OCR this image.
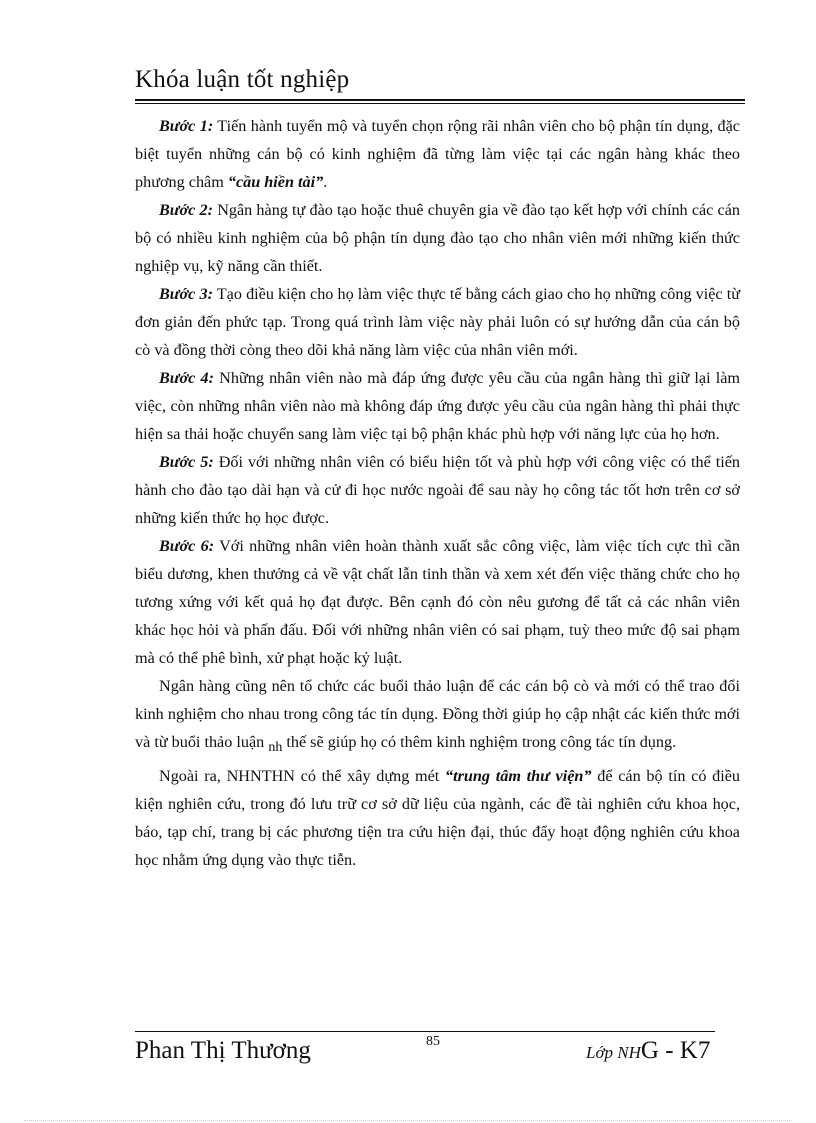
Khóa luận tốt nghiệp

Bước 1: Tiến hành tuyển mộ và tuyển chọn rộng rãi nhân viên cho bộ phận tín dụng, đặc biệt tuyển những cán bộ có kinh nghiệm đã từng làm việc tại các ngân hàng khác theo phương châm “cầu hiền tài”.

Bước 2: Ngân hàng tự đào tạo hoặc thuê chuyên gia về đào tạo kết hợp với chính các cán bộ có nhiều kinh nghiệm của bộ phận tín dụng đào tạo cho nhân viên mới những kiến thức nghiệp vụ, kỹ năng cần thiết.

Bước 3: Tạo điều kiện cho họ làm việc thực tế bằng cách giao cho họ những công việc từ đơn giản đến phức tạp. Trong quá trình làm việc này phải luôn có sự hướng dẫn của cán bộ cò và đồng thời còng theo dõi khả năng làm việc của nhân viên mới.

Bước 4: Những nhân viên nào mà đáp ứng được yêu cầu của ngân hàng thì giữ lại làm việc, còn những nhân viên nào mà không đáp ứng được yêu cầu của ngân hàng thì phải thực hiện sa thải hoặc chuyển sang làm việc tại bộ phận khác phù hợp với năng lực của họ hơn.

Bước 5: Đối với những nhân viên có biểu hiện tốt và phù hợp với công việc có thể tiến hành cho đào tạo dài hạn và cử đi học nước ngoài để sau này họ công tác tốt hơn trên cơ sở những kiến thức họ học được.

Bước 6: Với những nhân viên hoàn thành xuất sắc công việc, làm việc tích cực thì cần biểu dương, khen thưởng cả về vật chất lẫn tinh thần và xem xét đến việc thăng chức cho họ tương xứng với kết quả họ đạt được. Bên cạnh đó còn nêu gương để tất cả các nhân viên khác học hỏi và phấn đấu. Đối với những nhân viên có sai phạm, tuỳ theo mức độ sai phạm mà có thể phê bình, xử phạt hoặc kỷ luật.

Ngân hàng cũng nên tổ chức các buổi thảo luận để các cán bộ cò và mới có thể trao đổi kinh nghiệm cho nhau trong công tác tín dụng. Đồng thời giúp họ cập nhật các kiến thức mới và từ buổi thảo luận nh thế sẽ giúp họ có thêm kinh nghiệm trong công tác tín dụng.

Ngoài ra, NHNTHN có thể xây dựng mét “trung tâm thư viện” để cán bộ tín có điều kiện nghiên cứu, trong đó lưu trữ cơ sở dữ liệu của ngành, các đề tài nghiên cứu khoa học, báo, tạp chí, trang bị các phương tiện tra cứu hiện đại, thúc đẩy hoạt động nghiên cứu khoa học nhằm ứng dụng vào thực tiễn.

Phan Thị Thương	85
Lớp NHG - K7
